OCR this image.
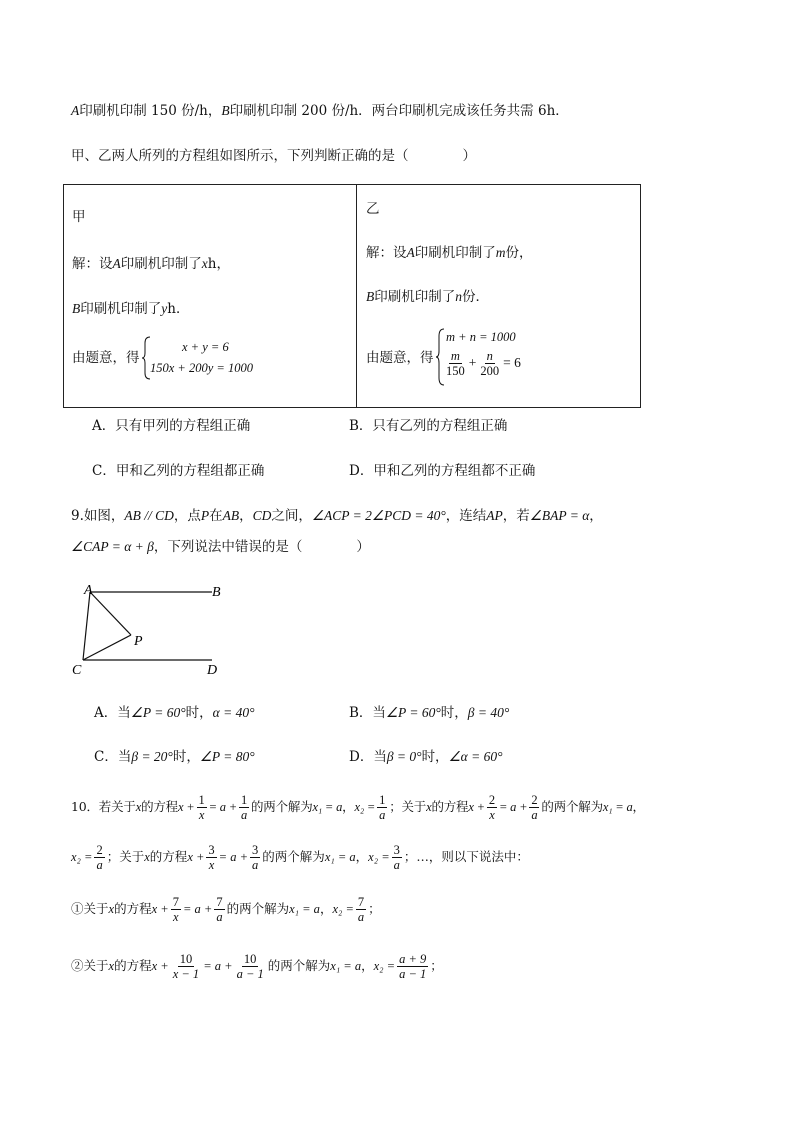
A印刷机印制 150 份/h，B印刷机印制 200 份/h．两台印刷机完成该任务共需 6h．
甲、乙两人所列的方程组如图所示，下列判断正确的是（　　　　）
甲
解：设A印刷机印制了xh，
B印刷机印制了yh．
由题意，得
x + y = 6
150x + 200y = 1000
乙
解：设A印刷机印制了m份，
B印刷机印制了n份．
由题意，得
m + n = 1000
$\frac{m}{150} + \frac{n}{200} = 6$
A．只有甲列的方程组正确	B．只有乙列的方程组正确
C．甲和乙列的方程组都正确	D．甲和乙列的方程组都不正确
9.如图，AB // CD，点P在AB，CD之间，∠ACP = 2∠PCD = 40°，连结AP，若∠BAP = α，
∠CAP = α + β，下列说法中错误的是（　　　　）
A	B
C	D
P
A．当∠P = 60°时，α = 40°	B．当∠P = 60°时，β = 40°
C．当β = 20°时，∠P = 80°	D．当β = 0°时，∠α = 60°
10．若关于x的方程$x + \frac{1}{x} = a + \frac{1}{a}$ 的两个解为x₁ = a，$x_2 = \frac{1}{a}$ ；关于x的方程$x + \frac{2}{x} = a + \frac{2}{a}$ 的两个解为x₁ = a，
$x_2 = \frac{2}{a}$ ；关于x的方程$x + \frac{3}{x} = a + \frac{3}{a}$ 的两个解为x₁ = a，$x_2 = \frac{3}{a}$ ；…，则以下说法中：
①关于x的方程$x + \frac{7}{x} = a + \frac{7}{a}$ 的两个解为x₁ = a，$x_2 = \frac{7}{a}$ ；
②关于x的方程$x + \frac{10}{x - 1} = a + \frac{10}{a - 1}$ 的两个解为x₁ = a，$x_2 = \frac{a + 9}{a - 1}$ ；
